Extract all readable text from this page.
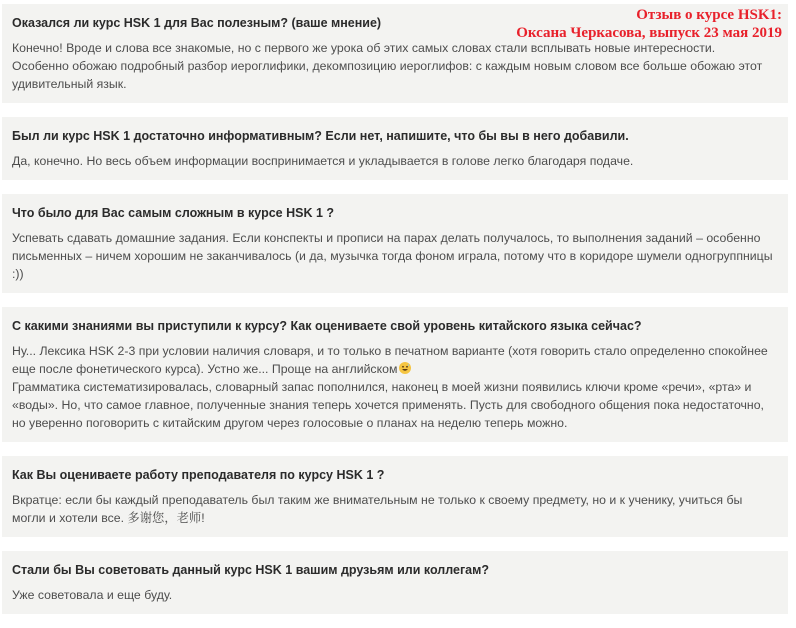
Отзыв о курсе HSK1:
Оксана Черкасова, выпуск 23 мая 2019
Оказался ли курс HSK 1 для Вас полезным? (ваше мнение)

Конечно! Вроде и слова все знакомые, но с первого же урока об этих самых словах стали всплывать новые интересности.

Особенно обожаю подробный разбор иероглифики, декомпозицию иероглифов: с каждым новым словом все больше обожаю этот

удивительный язык.

Был ли курс HSK 1 достаточно информативным? Если нет, напишите, что бы вы в него добавили.

Да, конечно. Но весь объем информации воспринимается и укладывается в голове легко благодаря подаче.

Что было для Вас самым сложным в курсе HSK 1 ?

Успевать сдавать домашние задания. Если конспекты и прописи на парах делать получалось, то выполнения заданий – особенно

письменных – ничем хорошим не заканчивалось (и да, музычка тогда фоном играла, потому что в коридоре шумели одногруппницы

:))

С какими знаниями вы приступили к курсу? Как оцениваете свой уровень китайского языка сейчас?

Ну... Лексика HSK 2-3 при условии наличия словаря, и то только в печатном варианте (хотя говорить стало определенно спокойнее

еще после фонетического курса). Устно же... Проще на английском

Грамматика систематизировалась, словарный запас пополнился, наконец в моей жизни появились ключи кроме «речи», «рта» и

«воды». Но, что самое главное, полученные знания теперь хочется применять. Пусть для свободного общения пока недостаточно,

но уверенно поговорить с китайским другом через голосовые о планах на неделю теперь можно.

Как Вы оцениваете работу преподавателя по курсу HSK 1 ?

Вкратце: если бы каждый преподаватель был таким же внимательным не только к своему предмету, но и к ученику, учиться бы

могли и хотели все. 多谢您，老师!

Стали бы Вы советовать данный курс HSK 1 вашим друзьям или коллегам?

Уже советовала и еще буду.
